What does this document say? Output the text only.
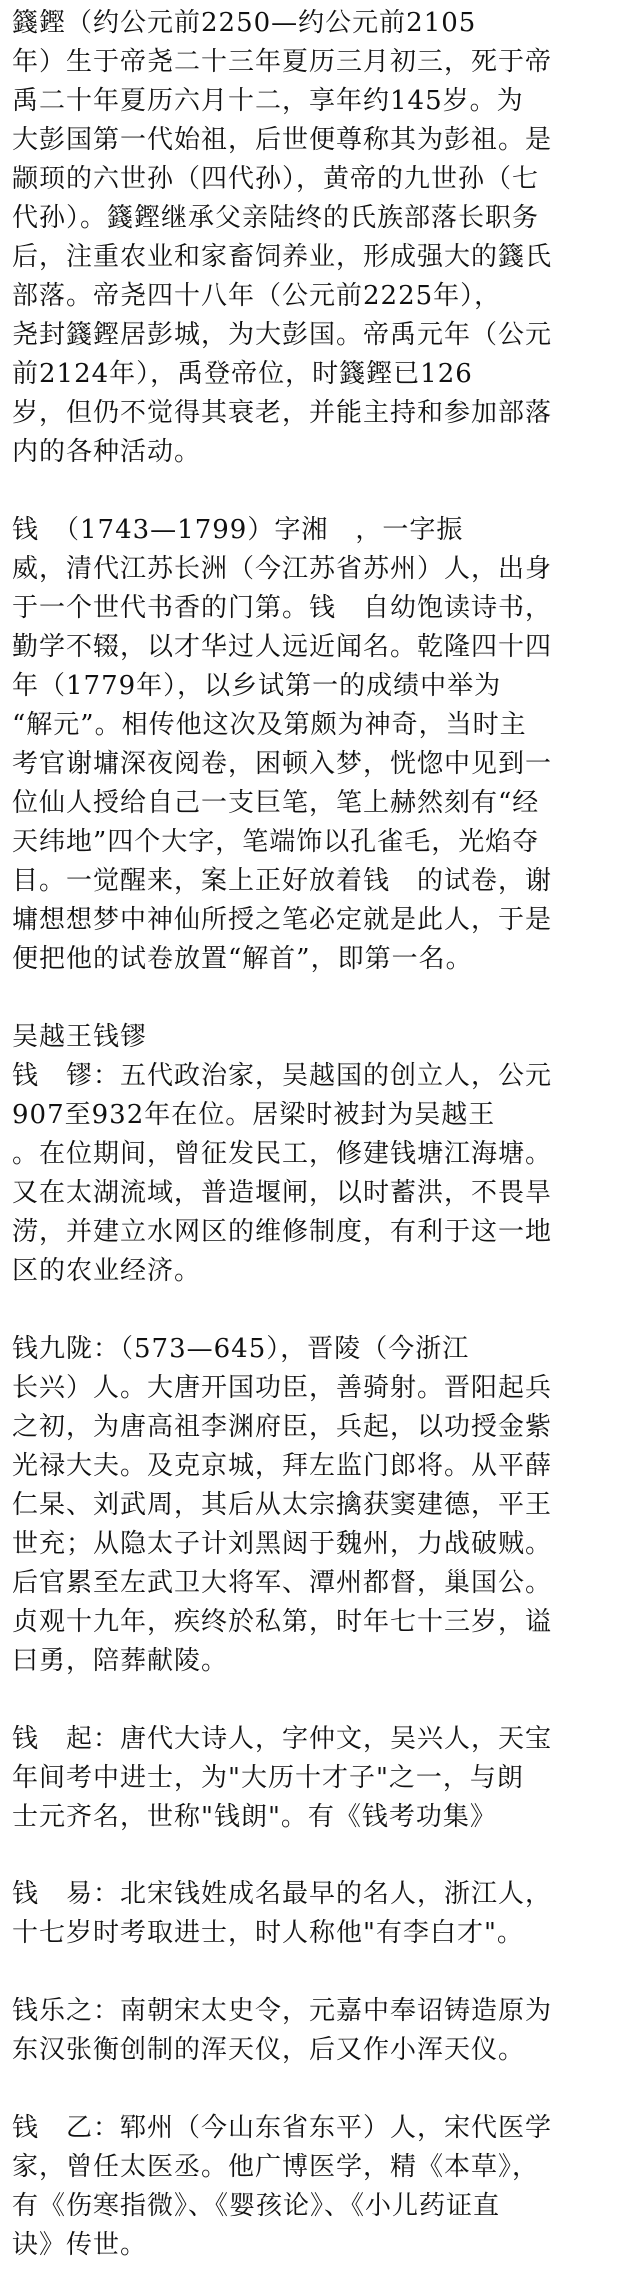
籛鏗（约公元前2250—约公元前2105

年）生于帝尧二十三年夏历三月初三，死于帝

禹二十年夏历六月十二，享年约145岁。为

大彭国第一代始祖，后世便尊称其为彭祖。是

颛顼的六世孙（四代孙），黄帝的九世孙（七

代孙）。籛鏗继承父亲陆终的氏族部落长职务

后，注重农业和家畜饲养业，形成强大的籛氏

部落。帝尧四十八年（公元前2225年），

尧封籛鏗居彭城，为大彭国。帝禹元年（公元

前2124年），禹登帝位，时籛鏗已126

岁，但仍不觉得其衰老，并能主持和参加部落

内的各种活动。

钱　（1743—1799）字湘　，一字振

威，清代江苏长洲（今江苏省苏州）人，出身

于一个世代书香的门第。钱　自幼饱读诗书，

勤学不辍，以才华过人远近闻名。乾隆四十四

年（1779年），以乡试第一的成绩中举为

“解元”。相传他这次及第颇为神奇，当时主

考官谢墉深夜阅卷，困顿入梦，恍惚中见到一

位仙人授给自己一支巨笔，笔上赫然刻有“经

天纬地”四个大字，笔端饰以孔雀毛，光焰夺

目。一觉醒来，案上正好放着钱　的试卷，谢

墉想想梦中神仙所授之笔必定就是此人，于是

便把他的试卷放置“解首”，即第一名。

吴越王钱镠

钱　镠：五代政治家，吴越国的创立人，公元

907至932年在位。居梁时被封为吴越王

。在位期间，曾征发民工，修建钱塘江海塘。

又在太湖流域，普造堰闸，以时蓄洪，不畏旱

涝，并建立水网区的维修制度，有利于这一地

区的农业经济。

钱九陇：（573—645），晋陵（今浙江

长兴）人。大唐开国功臣，善骑射。晋阳起兵

之初，为唐高祖李渊府臣，兵起，以功授金紫

光禄大夫。及克京城，拜左监门郎将。从平薛

仁杲、刘武周，其后从太宗擒获窦建德，平王

世充；从隐太子计刘黑闼于魏州，力战破贼。

后官累至左武卫大将军、潭州都督，巢国公。

贞观十九年，疾终於私第，时年七十三岁，谥

曰勇，陪葬献陵。

钱　起：唐代大诗人，字仲文，吴兴人，天宝

年间考中进士，为"大历十才子"之一，与朗

士元齐名，世称"钱朗"。有《钱考功集》

钱　易：北宋钱姓成名最早的名人，浙江人，

十七岁时考取进士，时人称他"有李白才"。

钱乐之：南朝宋太史令，元嘉中奉诏铸造原为

东汉张衡创制的浑天仪，后又作小浑天仪。

钱　乙：郓州（今山东省东平）人，宋代医学

家，曾任太医丞。他广博医学，精《本草》，

有《伤寒指微》、《婴孩论》、《小儿药证直

诀》传世。
